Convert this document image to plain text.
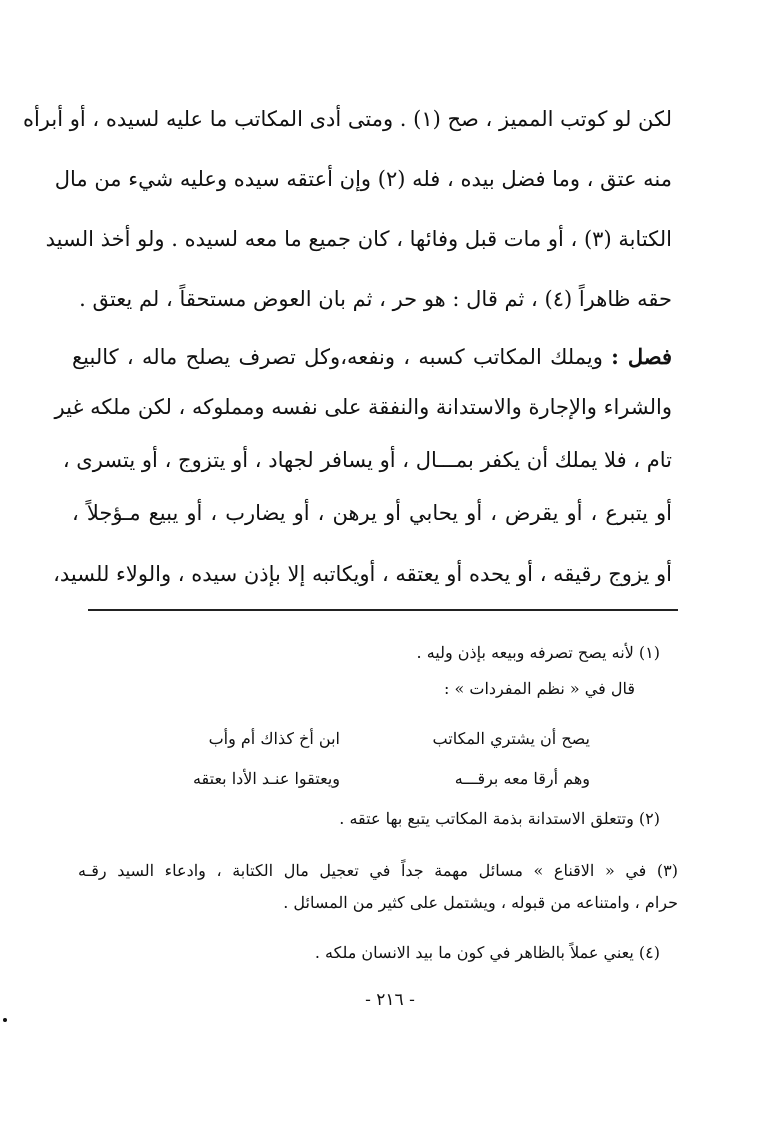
لكن لو كوتب المميز ، صح (١) . ومتى أدى المكاتب ما عليه لسيده ، أو أبرأه
منه عتق ، وما فضل بيده ، فله (٢) وإن أعتقه سيده وعليه شيء من مال
الكتابة (٣) ، أو مات قبل وفائها ، كان جميع ما معه لسيده . ولو أخذ السيد
حقه ظاهراً (٤) ، ثم قال : هو حر ، ثم بان العوض مستحقاً ، لم يعتق .
فصل : ويملك المكاتب كسبه ، ونفعه،وكل تصرف يصلح ماله ، كالبيع
والشراء والإجارة والاستدانة والنفقة على نفسه ومملوكه ، لكن ملكه غير
تام ، فلا يملك أن يكفر بمـــال ، أو يسافر لجهاد ، أو يتزوج ، أو يتسرى ،
أو يتبرع ، أو يقرض ، أو يحابي أو يرهن ، أو يضارب ، أو يبيع مـؤجلاً ،
أو يزوج رقيقه ، أو يحده أو يعتقه ، أويكاتبه إلا بإذن سيده ، والولاء للسيد،
(١) لأنه يصح تصرفه وبيعه بإذن وليه .
قال في « نظم المفردات » :
يصح أن يشتري المكاتب
ابن أخ كذاك أم وأب
وهم أرقا معه برقـــه
ويعتقوا عنـد الأدا بعتقه
(٢) وتتعلق الاستدانة بذمة المكاتب يتبع بها عتقه .
(٣) في « الاقناع » مسائل مهمة جداً في تعجيل مال الكتابة ، وادعاء السيد رقـه
حرام ، وامتناعه من قبوله ، ويشتمل على كثير من المسائل .
(٤) يعني عملاً بالظاهر في كون ما بيد الانسان ملكه .
- ٢١٦ -
